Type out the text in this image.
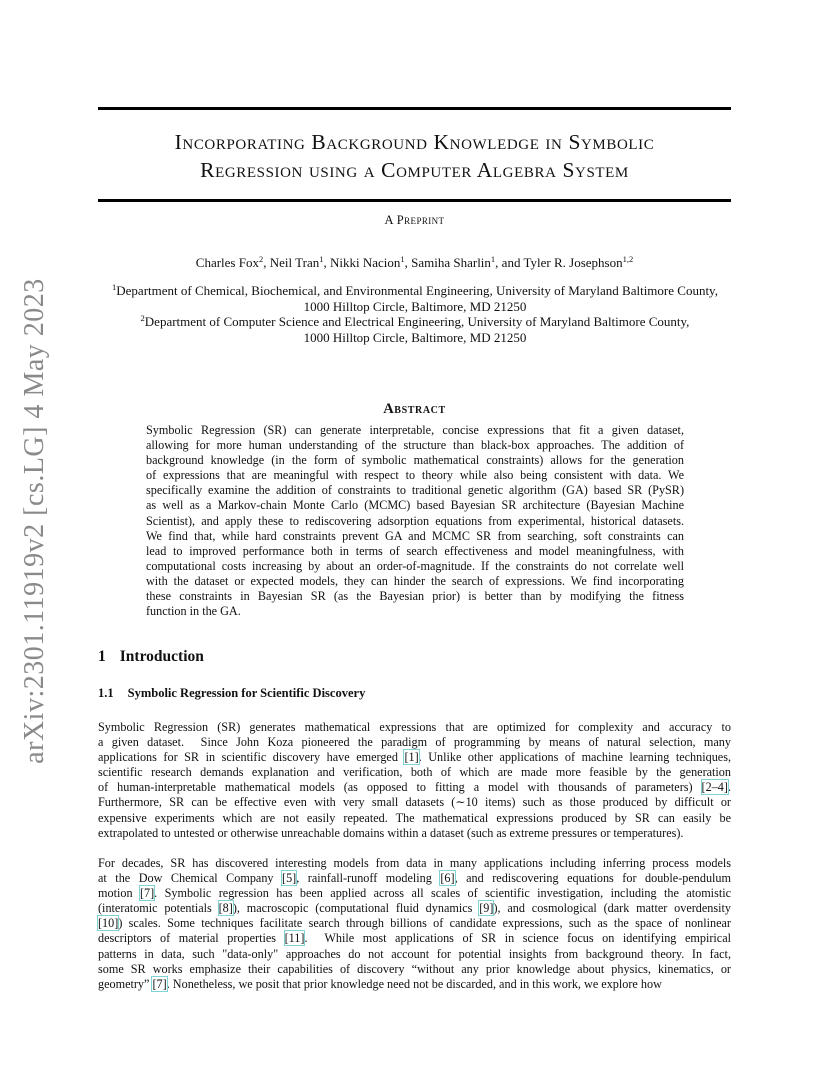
arXiv:2301.11919v2 [cs.LG] 4 May 2023
Incorporating Background Knowledge in Symbolic
Regression using a Computer Algebra System
A Preprint
Charles Fox$^2$, Neil Tran$^1$, Nikki Nacion$^1$, Samiha Sharlin$^1$, and Tyler R. Josephson$^{1,2}$
$^1$Department of Chemical, Biochemical, and Environmental Engineering, University of Maryland Baltimore County,
1000 Hilltop Circle, Baltimore, MD 21250
$^2$Department of Computer Science and Electrical Engineering, University of Maryland Baltimore County,
1000 Hilltop Circle, Baltimore, MD 21250
Abstract
Symbolic Regression (SR) can generate interpretable, concise expressions that fit a given dataset,
allowing for more human understanding of the structure than black-box approaches. The addition of
background knowledge (in the form of symbolic mathematical constraints) allows for the generation
of expressions that are meaningful with respect to theory while also being consistent with data. We
specifically examine the addition of constraints to traditional genetic algorithm (GA) based SR (PySR)
as well as a Markov-chain Monte Carlo (MCMC) based Bayesian SR architecture (Bayesian Machine
Scientist), and apply these to rediscovering adsorption equations from experimental, historical datasets.
We find that, while hard constraints prevent GA and MCMC SR from searching, soft constraints can
lead to improved performance both in terms of search effectiveness and model meaningfulness, with
computational costs increasing by about an order-of-magnitude. If the constraints do not correlate well
with the dataset or expected models, they can hinder the search of expressions. We find incorporating
these constraints in Bayesian SR (as the Bayesian prior) is better than by modifying the fitness
function in the GA.
1 Introduction
1.1 Symbolic Regression for Scientific Discovery
Symbolic Regression (SR) generates mathematical expressions that are optimized for complexity and accuracy to
a given dataset.  Since John Koza pioneered the paradigm of programming by means of natural selection, many
applications for SR in scientific discovery have emerged [1]. Unlike other applications of machine learning techniques,
scientific research demands explanation and verification, both of which are made more feasible by the generation
of human-interpretable mathematical models (as opposed to fitting a model with thousands of parameters) [2–4].
Furthermore, SR can be effective even with very small datasets (∼10 items) such as those produced by difficult or
expensive experiments which are not easily repeated. The mathematical expressions produced by SR can easily be
extrapolated to untested or otherwise unreachable domains within a dataset (such as extreme pressures or temperatures).
For decades, SR has discovered interesting models from data in many applications including inferring process models
at the Dow Chemical Company [5], rainfall-runoff modeling [6], and rediscovering equations for double-pendulum
motion [7]. Symbolic regression has been applied across all scales of scientific investigation, including the atomistic
(interatomic potentials [8]), macroscopic (computational fluid dynamics [9]), and cosmological (dark matter overdensity
[10]) scales. Some techniques facilitate search through billions of candidate expressions, such as the space of nonlinear
descriptors of material properties [11].  While most applications of SR in science focus on identifying empirical
patterns in data, such "data-only" approaches do not account for potential insights from background theory. In fact,
some SR works emphasize their capabilities of discovery “without any prior knowledge about physics, kinematics, or
geometry” [7]. Nonetheless, we posit that prior knowledge need not be discarded, and in this work, we explore how
